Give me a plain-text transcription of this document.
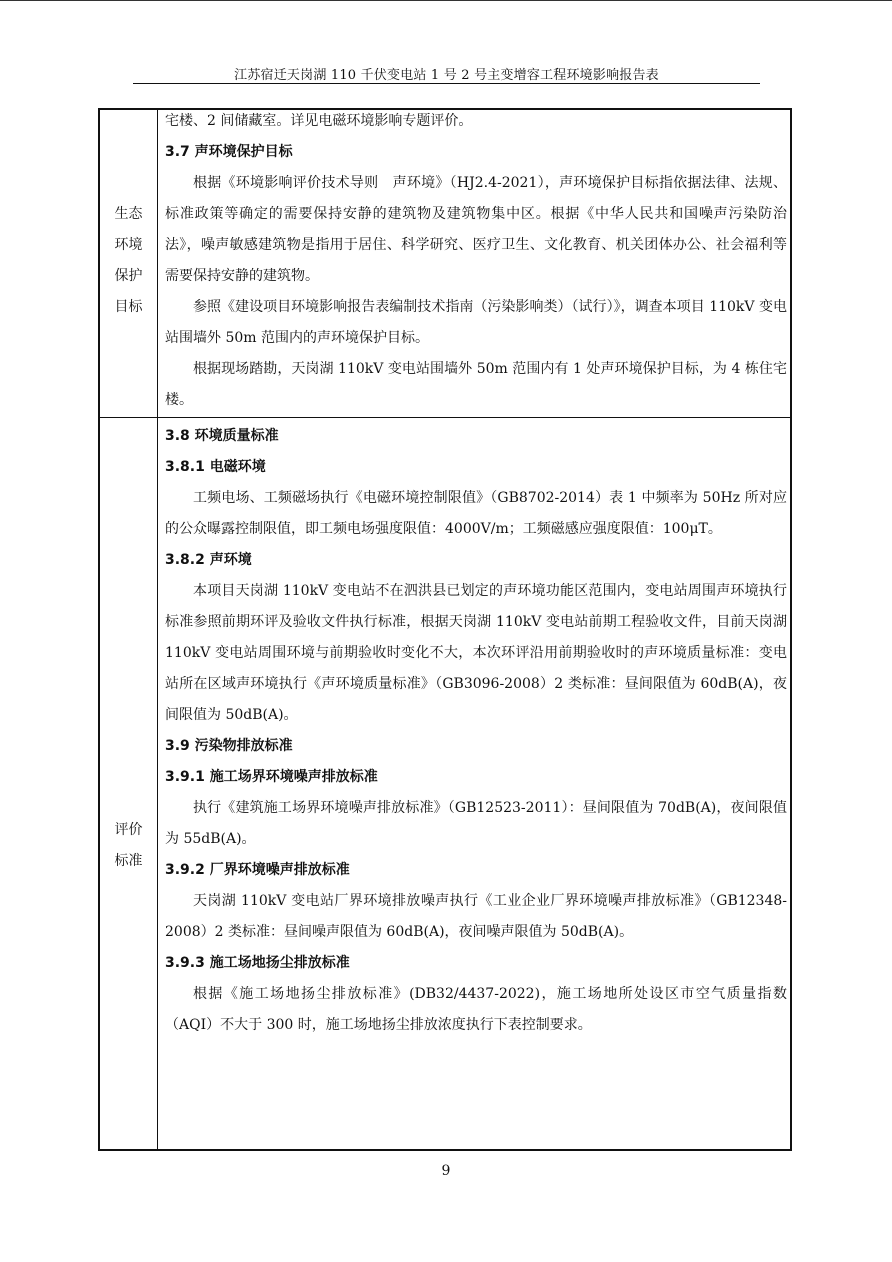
江苏宿迁天岗湖 110 千伏变电站 1 号 2 号主变增容工程环境影响报告表
生态
环境
保护
目标

宅楼、2 间储藏室。详见电磁环境影响专题评价。

3.7 声环境保护目标

根据《环境影响评价技术导则　声环境》（HJ2.4-2021），声环境保护目标指依据法律、法规、标准政策等确定的需要保持安静的建筑物及建筑物集中区。根据《中华人民共和国噪声污染防治法》，噪声敏感建筑物是指用于居住、科学研究、医疗卫生、文化教育、机关团体办公、社会福利等需要保持安静的建筑物。

参照《建设项目环境影响报告表编制技术指南（污染影响类）（试行）》，调查本项目 110kV 变电站围墙外 50m 范围内的声环境保护目标。

根据现场踏勘，天岗湖 110kV 变电站围墙外 50m 范围内有 1 处声环境保护目标，为 4 栋住宅楼。

评价
标准

3.8 环境质量标准

3.8.1 电磁环境

工频电场、工频磁场执行《电磁环境控制限值》（GB8702-2014）表 1 中频率为 50Hz 所对应的公众曝露控制限值，即工频电场强度限值：4000V/m；工频磁感应强度限值：100μT。

3.8.2 声环境

本项目天岗湖 110kV 变电站不在泗洪县已划定的声环境功能区范围内，变电站周围声环境执行标准参照前期环评及验收文件执行标准，根据天岗湖 110kV 变电站前期工程验收文件，目前天岗湖 110kV 变电站周围环境与前期验收时变化不大，本次环评沿用前期验收时的声环境质量标准：变电站所在区域声环境执行《声环境质量标准》（GB3096-2008）2 类标准：昼间限值为 60dB(A)，夜间限值为 50dB(A)。

3.9 污染物排放标准

3.9.1 施工场界环境噪声排放标准

执行《建筑施工场界环境噪声排放标准》（GB12523-2011）：昼间限值为 70dB(A)，夜间限值为 55dB(A)。

3.9.2 厂界环境噪声排放标准

天岗湖 110kV 变电站厂界环境排放噪声执行《工业企业厂界环境噪声排放标准》（GB12348-2008）2 类标准：昼间噪声限值为 60dB(A)，夜间噪声限值为 50dB(A)。

3.9.3 施工场地扬尘排放标准

根据《施工场地扬尘排放标准》(DB32/4437-2022)，施工场地所处设区市空气质量指数（AQI）不大于 300 时，施工场地扬尘排放浓度执行下表控制要求。

9
